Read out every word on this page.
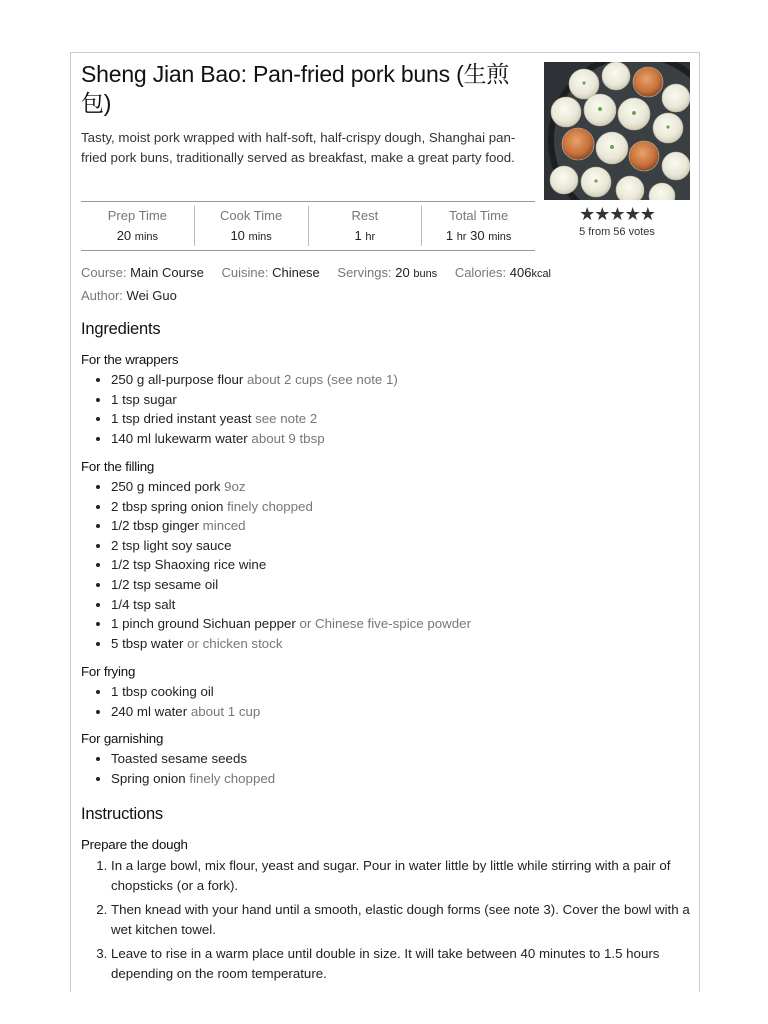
Sheng Jian Bao: Pan-fried pork buns (生煎包)
Tasty, moist pork wrapped with half-soft, half-crispy dough, Shanghai pan-fried pork buns, traditionally served as breakfast, make a great party food.
★★★★★
5 from 56 votes
Prep Time
20 mins
Cook Time
10 mins
Rest
1 hr
Total Time
1 hr 30 mins
Course: Main Course Cuisine: Chinese Servings: 20 buns Calories: 406kcal
Author: Wei Guo
Ingredients
For the wrappers
• 250 g all-purpose flour about 2 cups (see note 1)
• 1 tsp sugar
• 1 tsp dried instant yeast see note 2
• 140 ml lukewarm water about 9 tbsp
For the filling
• 250 g minced pork 9oz
• 2 tbsp spring onion finely chopped
• 1/2 tbsp ginger minced
• 2 tsp light soy sauce
• 1/2 tsp Shaoxing rice wine
• 1/2 tsp sesame oil
• 1/4 tsp salt
• 1 pinch ground Sichuan pepper or Chinese five-spice powder
• 5 tbsp water or chicken stock
For frying
• 1 tbsp cooking oil
• 240 ml water about 1 cup
For garnishing
• Toasted sesame seeds
• Spring onion finely chopped
Instructions
Prepare the dough
1. In a large bowl, mix flour, yeast and sugar. Pour in water little by little while stirring with a pair of chopsticks (or a fork).
2. Then knead with your hand until a smooth, elastic dough forms (see note 3). Cover the bowl with a wet kitchen towel.
3. Leave to rise in a warm place until double in size. It will take between 40 minutes to 1.5 hours depending on the room temperature.
